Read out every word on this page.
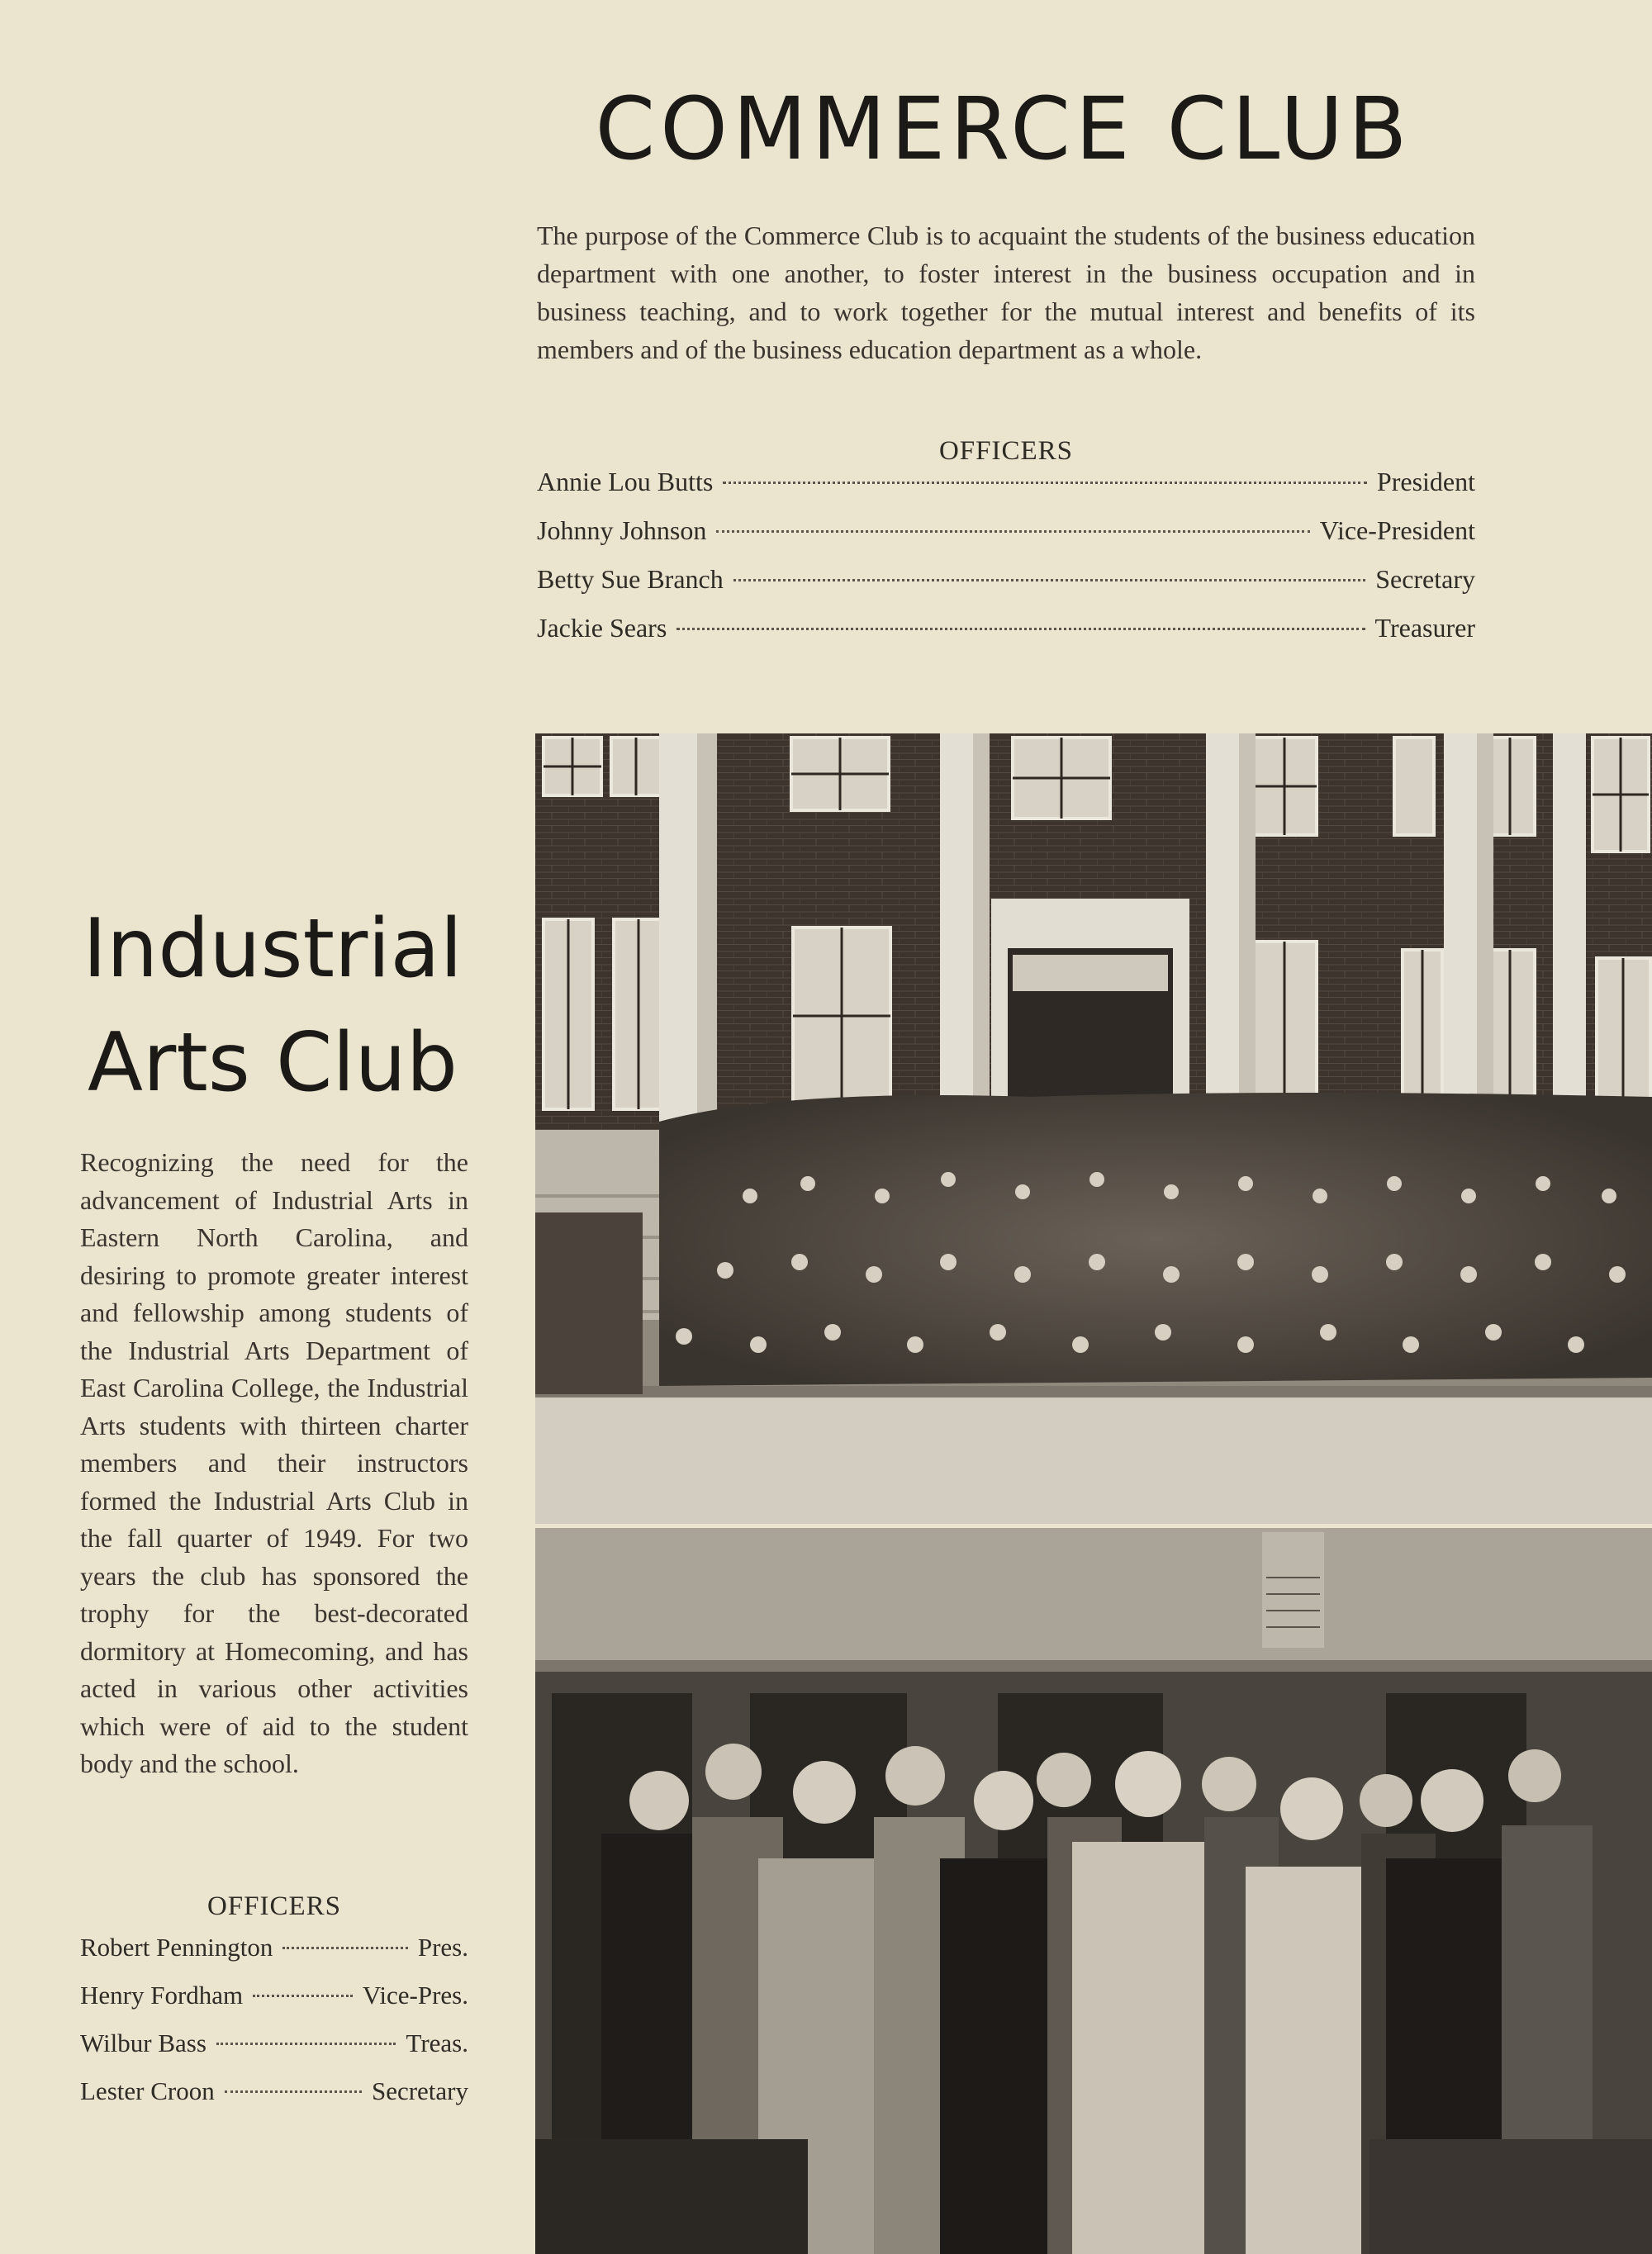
COMMERCE CLUB

The purpose of the Commerce Club is to acquaint the students of the business education department with one another, to foster interest in the business occupation and in business teaching, and to work together for the mutual interest and benefits of its members and of the business education department as a whole.

OFFICERS
Annie Lou Butts	President
Johnny Johnson	Vice-President
Betty Sue Branch	Secretary
Jackie Sears	Treasurer
Industrial
Arts Club

Recognizing the need for the advancement of Industrial Arts in Eastern North Carolina, and desiring to promote greater interest and fellowship among students of the Industrial Arts Department of East Carolina College, the Industrial Arts students with thirteen charter members and their instructors formed the Industrial Arts Club in the fall quarter of 1949. For two years the club has sponsored the trophy for the best-decorated dormitory at Homecoming, and has acted in various other activities which were of aid to the student body and the school.

OFFICERS
Robert Pennington	Pres.
Henry Fordham	Vice-Pres.
Wilbur Bass	Treas.
Lester Croon	Secretary
